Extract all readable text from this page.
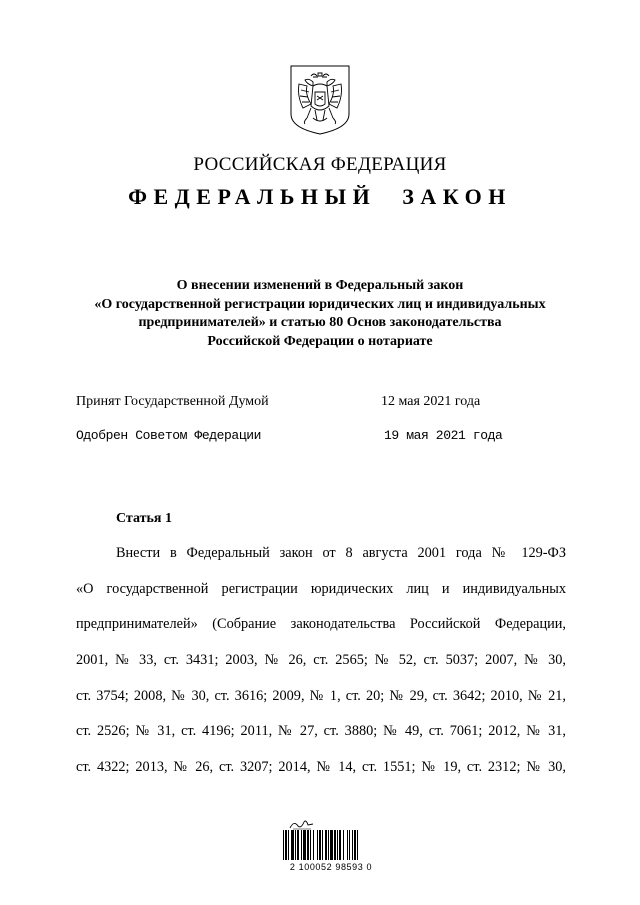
РОССИЙСКАЯ ФЕДЕРАЦИЯ
ФЕДЕРАЛЬНЫЙ ЗАКОН
О внесении изменений в Федеральный закон
«О государственной регистрации юридических лиц и индивидуальных
предпринимателей» и статью 80 Основ законодательства
Российской Федерации о нотариате
Принят Государственной Думой	12 мая 2021 года
Одобрен Советом Федерации	19 мая 2021 года
Статья 1
Внести в Федеральный закон от 8 августа 2001 года № 129-ФЗ
«О государственной регистрации юридических лиц и индивидуальных
предпринимателей» (Собрание законодательства Российской Федерации,
2001, № 33, ст. 3431; 2003, № 26, ст. 2565; № 52, ст. 5037; 2007, № 30,
ст. 3754; 2008, № 30, ст. 3616; 2009, № 1, ст. 20; № 29, ст. 3642; 2010, № 21,
ст. 2526; № 31, ст. 4196; 2011, № 27, ст. 3880; № 49, ст. 7061; 2012, № 31,
ст. 4322; 2013, № 26, ст. 3207; 2014, № 14, ст. 1551; № 19, ст. 2312; № 30,
2 100052 98593 0
